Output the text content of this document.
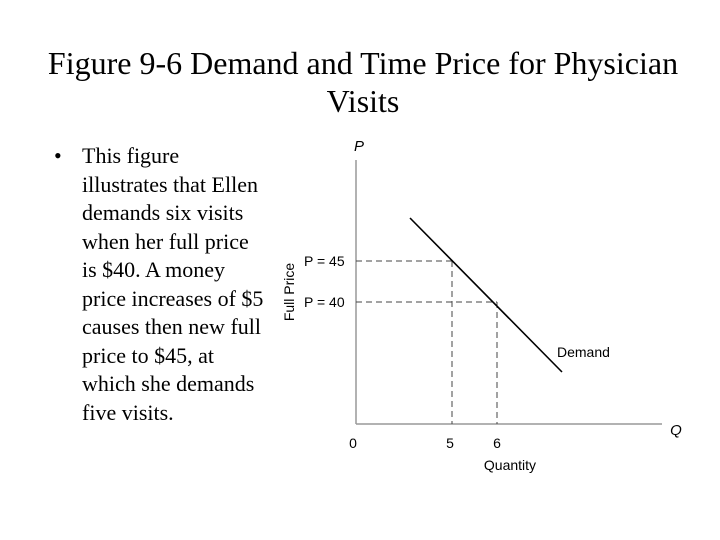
Figure 9-6 Demand and Time Price for Physician Visits
• This figure illustrates that Ellen demands six visits when her full price is $40. A money price increases of $5 causes then new full price to $45, at which she demands five visits.
P
Q
Full Price
Quantity
0	5	6
P = 45
P = 40
Demand
